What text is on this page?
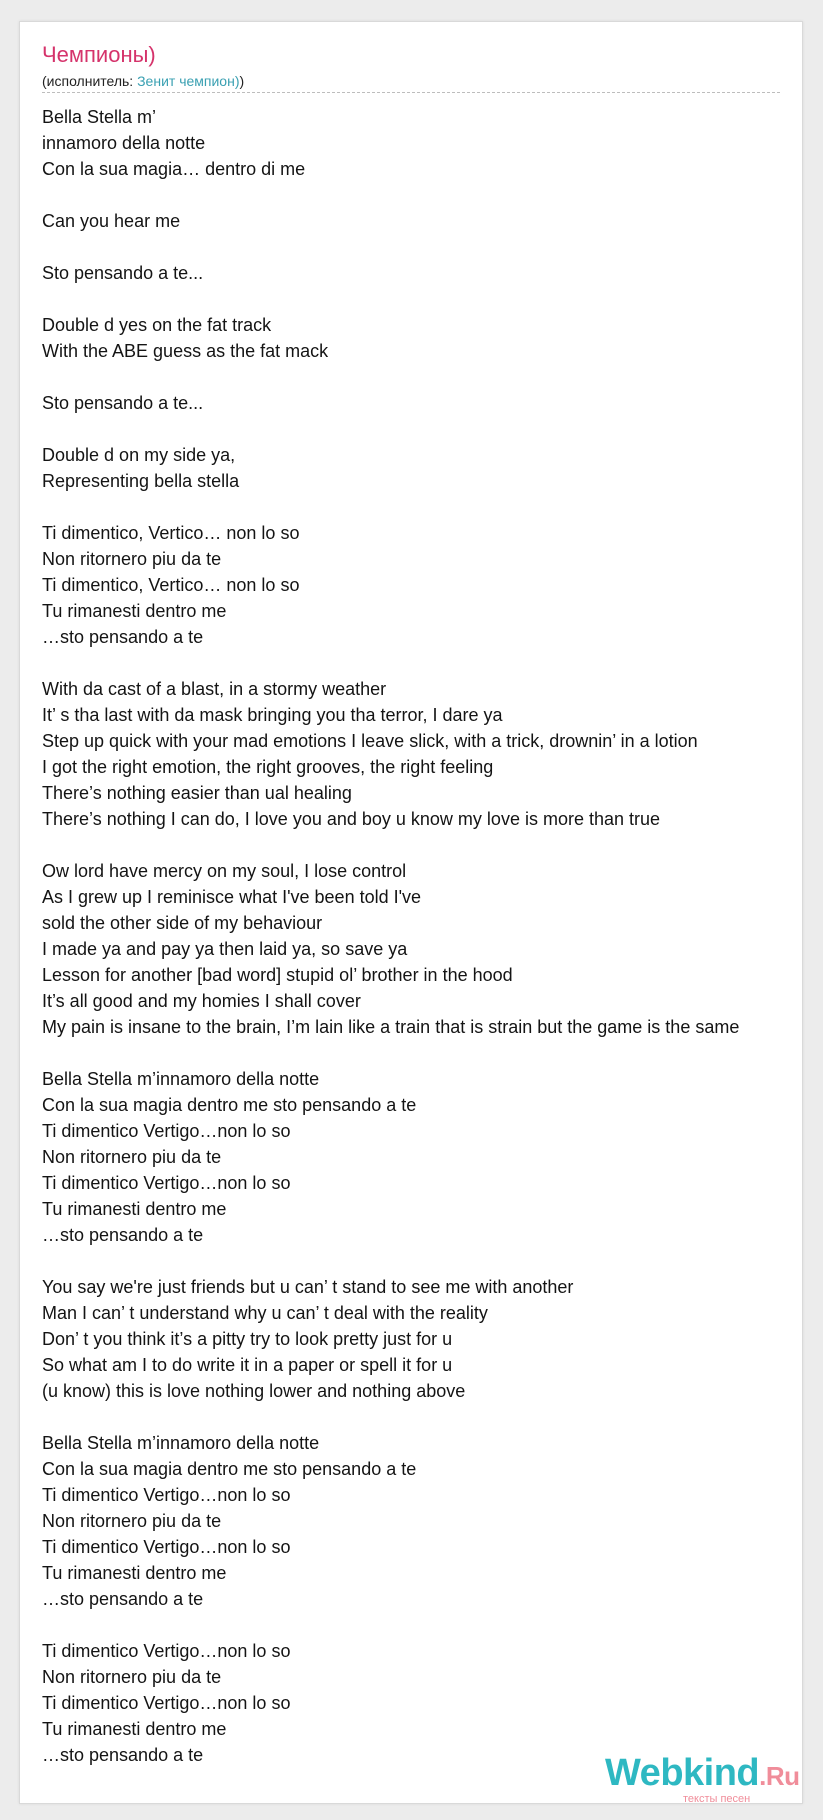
Чемпионы)
(исполнитель: Зенит чемпион))
Bella Stella m’
innamoro della notte
Con la sua magia… dentro di me
Can you hear me
Sto pensando a te...
Double d yes on the fat track
With the ABE guess as the fat mack
Sto pensando a te...
Double d on my side ya,
Representing bella stella
Ti dimentico, Vertico… non lo so
Non ritornero piu da te
Ti dimentico, Vertico… non lo so
Tu rimanesti dentro me
…sto pensando a te
With da cast of a blast, in a stormy weather
It’ s tha last with da mask bringing you tha terror, I dare ya
Step up quick with your mad emotions I leave slick, with a trick, drownin’ in a lotion
I got the right emotion, the right grooves, the right feeling
There’s nothing easier than ual healing
There’s nothing I can do, I love you and boy u know my love is more than true
Ow lord have mercy on my soul, I lose control
As I grew up I reminisce what I've been told I've
sold the other side of my behaviour
I made ya and pay ya then laid ya, so save ya
Lesson for another [bad word] stupid ol’ brother in the hood
It’s all good and my homies I shall cover
My pain is insane to the brain, I’m lain like a train that is strain but the game is the same
Bella Stella m’innamoro della notte
Con la sua magia dentro me sto pensando a te
Ti dimentico Vertigo…non lo so
Non ritornero piu da te
Ti dimentico Vertigo…non lo so
Tu rimanesti dentro me
…sto pensando a te
You say we're just friends but u can’ t stand to see me with another
Man I can’ t understand why u can’ t deal with the reality
Don’ t you think it’s a pitty try to look pretty just for u
So what am I to do write it in a paper or spell it for u
(u know) this is love nothing lower and nothing above
Bella Stella m’innamoro della notte
Con la sua magia dentro me sto pensando a te
Ti dimentico Vertigo…non lo so
Non ritornero piu da te
Ti dimentico Vertigo…non lo so
Tu rimanesti dentro me
…sto pensando a te
Ti dimentico Vertigo…non lo so
Non ritornero piu da te
Ti dimentico Vertigo…non lo so
Tu rimanesti dentro me
…sto pensando a te	Webkind.Ru
тексты песен
